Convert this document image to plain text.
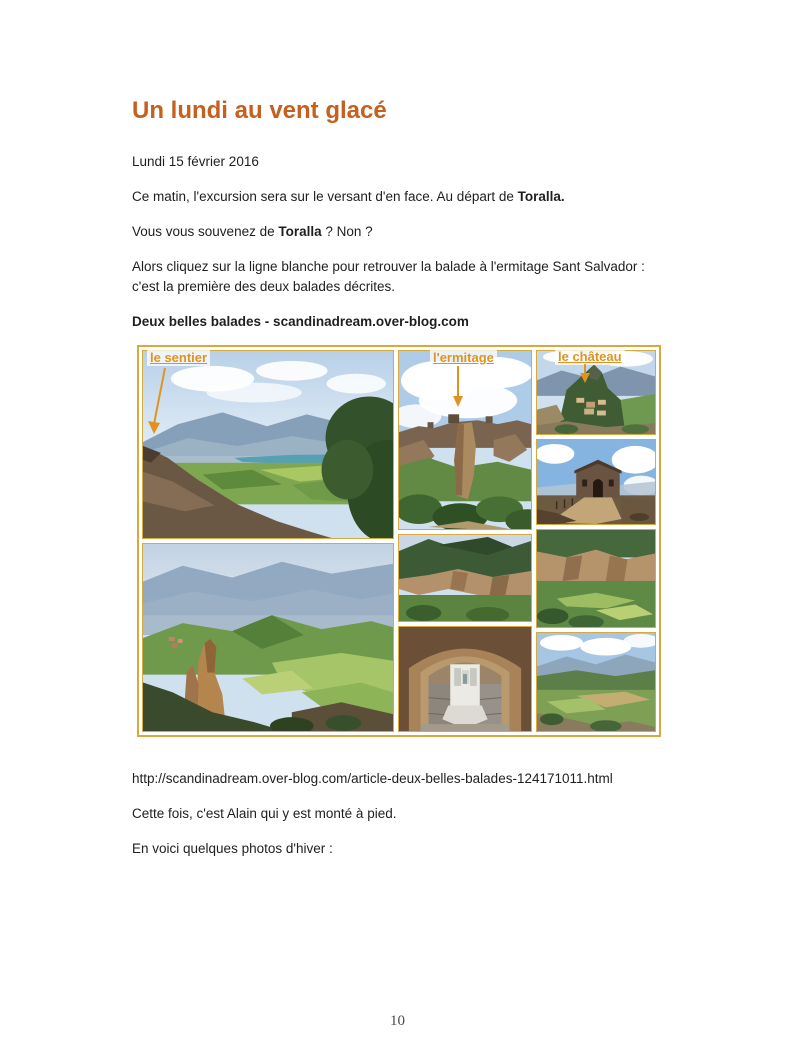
Un lundi au vent glacé

Lundi 15 février 2016

Ce matin, l'excursion sera sur le versant d'en face. Au départ de Toralla.

Vous vous souvenez de Toralla ? Non ?

Alors cliquez sur la ligne blanche pour retrouver la balade à l'ermitage Sant Salvador : c'est la première des deux balades décrites.

Deux belles balades - scandinadream.over-blog.com

le sentier	l'ermitage	le château

http://scandinadream.over-blog.com/article-deux-belles-balades-124171011.html

Cette fois, c'est Alain qui y est monté à pied.

En voici quelques photos d'hiver :

10
